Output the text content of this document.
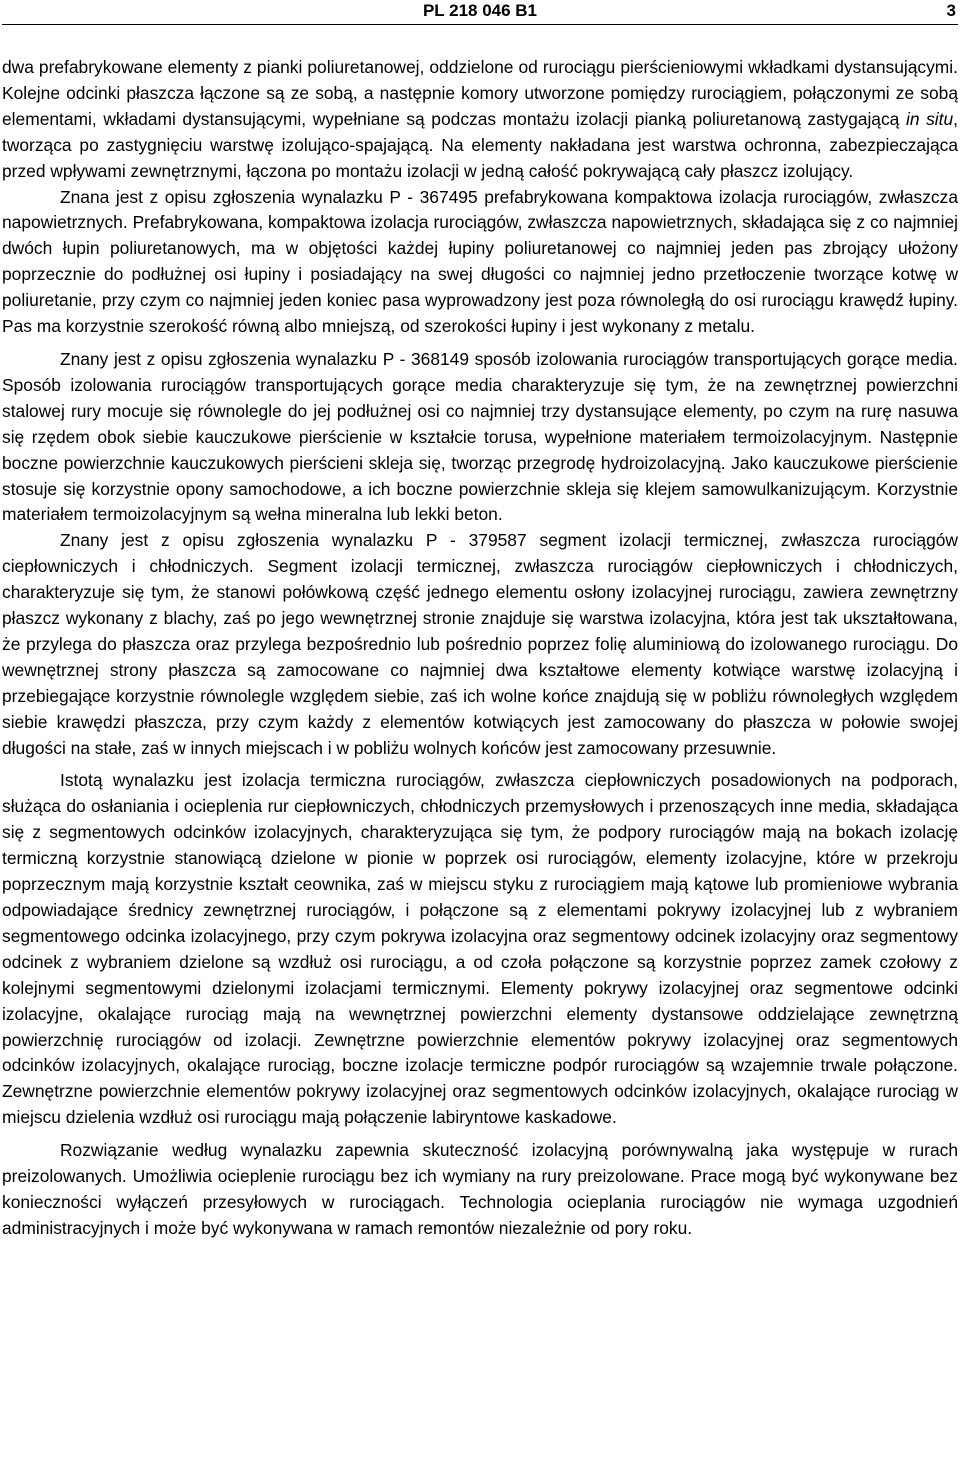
PL 218 046 B1	3

dwa prefabrykowane elementy z pianki poliuretanowej, oddzielone od rurociągu pierścieniowymi wkładkami dystansującymi. Kolejne odcinki płaszcza łączone są ze sobą, a następnie komory utworzone pomiędzy rurociągiem, połączonymi ze sobą elementami, wkładami dystansującymi, wypełniane są podczas montażu izolacji pianką poliuretanową zastygającą in situ, tworząca po zastygnięciu warstwę izolująco-spajającą. Na elementy nakładana jest warstwa ochronna, zabezpieczająca przed wpływami zewnętrznymi, łączona po montażu izolacji w jedną całość pokrywającą cały płaszcz izolujący.

Znana jest z opisu zgłoszenia wynalazku P - 367495 prefabrykowana kompaktowa izolacja rurociągów, zwłaszcza napowietrznych. Prefabrykowana, kompaktowa izolacja rurociągów, zwłaszcza napowietrznych, składająca się z co najmniej dwóch łupin poliuretanowych, ma w objętości każdej łupiny poliuretanowej co najmniej jeden pas zbrojący ułożony poprzecznie do podłużnej osi łupiny i posiadający na swej długości co najmniej jedno przetłoczenie tworzące kotwę w poliuretanie, przy czym co najmniej jeden koniec pasa wyprowadzony jest poza równoległą do osi rurociągu krawędź łupiny. Pas ma korzystnie szerokość równą albo mniejszą, od szerokości łupiny i jest wykonany z metalu.

Znany jest z opisu zgłoszenia wynalazku P - 368149 sposób izolowania rurociągów transportujących gorące media. Sposób izolowania rurociągów transportujących gorące media charakteryzuje się tym, że na zewnętrznej powierzchni stalowej rury mocuje się równolegle do jej podłużnej osi co najmniej trzy dystansujące elementy, po czym na rurę nasuwa się rzędem obok siebie kauczukowe pierścienie w kształcie torusa, wypełnione materiałem termoizolacyjnym. Następnie boczne powierzchnie kauczukowych pierścieni skleja się, tworząc przegrodę hydroizolacyjną. Jako kauczukowe pierścienie stosuje się korzystnie opony samochodowe, a ich boczne powierzchnie skleja się klejem samowulkanizującym. Korzystnie materiałem termoizolacyjnym są wełna mineralna lub lekki beton.

Znany jest z opisu zgłoszenia wynalazku P - 379587 segment izolacji termicznej, zwłaszcza rurociągów ciepłowniczych i chłodniczych. Segment izolacji termicznej, zwłaszcza rurociągów ciepłowniczych i chłodniczych, charakteryzuje się tym, że stanowi połówkową część jednego elementu osłony izolacyjnej rurociągu, zawiera zewnętrzny płaszcz wykonany z blachy, zaś po jego wewnętrznej stronie znajduje się warstwa izolacyjna, która jest tak ukształtowana, że przylega do płaszcza oraz przylega bezpośrednio lub pośrednio poprzez folię aluminiową do izolowanego rurociągu. Do wewnętrznej strony płaszcza są zamocowane co najmniej dwa kształtowe elementy kotwiące warstwę izolacyjną i przebiegające korzystnie równolegle względem siebie, zaś ich wolne końce znajdują się w pobliżu równoległych względem siebie krawędzi płaszcza, przy czym każdy z elementów kotwiących jest zamocowany do płaszcza w połowie swojej długości na stałe, zaś w innych miejscach i w pobliżu wolnych końców jest zamocowany przesuwnie.

Istotą wynalazku jest izolacja termiczna rurociągów, zwłaszcza ciepłowniczych posadowionych na podporach, służąca do osłaniania i ocieplenia rur ciepłowniczych, chłodniczych przemysłowych i przenoszących inne media, składająca się z segmentowych odcinków izolacyjnych, charakteryzująca się tym, że podpory rurociągów mają na bokach izolację termiczną korzystnie stanowiącą dzielone w pionie w poprzek osi rurociągów, elementy izolacyjne, które w przekroju poprzecznym mają korzystnie kształt ceownika, zaś w miejscu styku z rurociągiem mają kątowe lub promieniowe wybrania odpowiadające średnicy zewnętrznej rurociągów, i połączone są z elementami pokrywy izolacyjnej lub z wybraniem segmentowego odcinka izolacyjnego, przy czym pokrywa izolacyjna oraz segmentowy odcinek izolacyjny oraz segmentowy odcinek z wybraniem dzielone są wzdłuż osi rurociągu, a od czoła połączone są korzystnie poprzez zamek czołowy z kolejnymi segmentowymi dzielonymi izolacjami termicznymi. Elementy pokrywy izolacyjnej oraz segmentowe odcinki izolacyjne, okalające rurociąg mają na wewnętrznej powierzchni elementy dystansowe oddzielające zewnętrzną powierzchnię rurociągów od izolacji. Zewnętrzne powierzchnie elementów pokrywy izolacyjnej oraz segmentowych odcinków izolacyjnych, okalające rurociąg, boczne izolacje termiczne podpór rurociągów są wzajemnie trwale połączone. Zewnętrzne powierzchnie elementów pokrywy izolacyjnej oraz segmentowych odcinków izolacyjnych, okalające rurociąg w miejscu dzielenia wzdłuż osi rurociągu mają połączenie labiryntowe kaskadowe.

Rozwiązanie według wynalazku zapewnia skuteczność izolacyjną porównywalną jaka występuje w rurach preizolowanych. Umożliwia ocieplenie rurociągu bez ich wymiany na rury preizolowane. Prace mogą być wykonywane bez konieczności wyłączeń przesyłowych w rurociągach. Technologia ocieplania rurociągów nie wymaga uzgodnień administracyjnych i może być wykonywana w ramach remontów niezależnie od pory roku.
